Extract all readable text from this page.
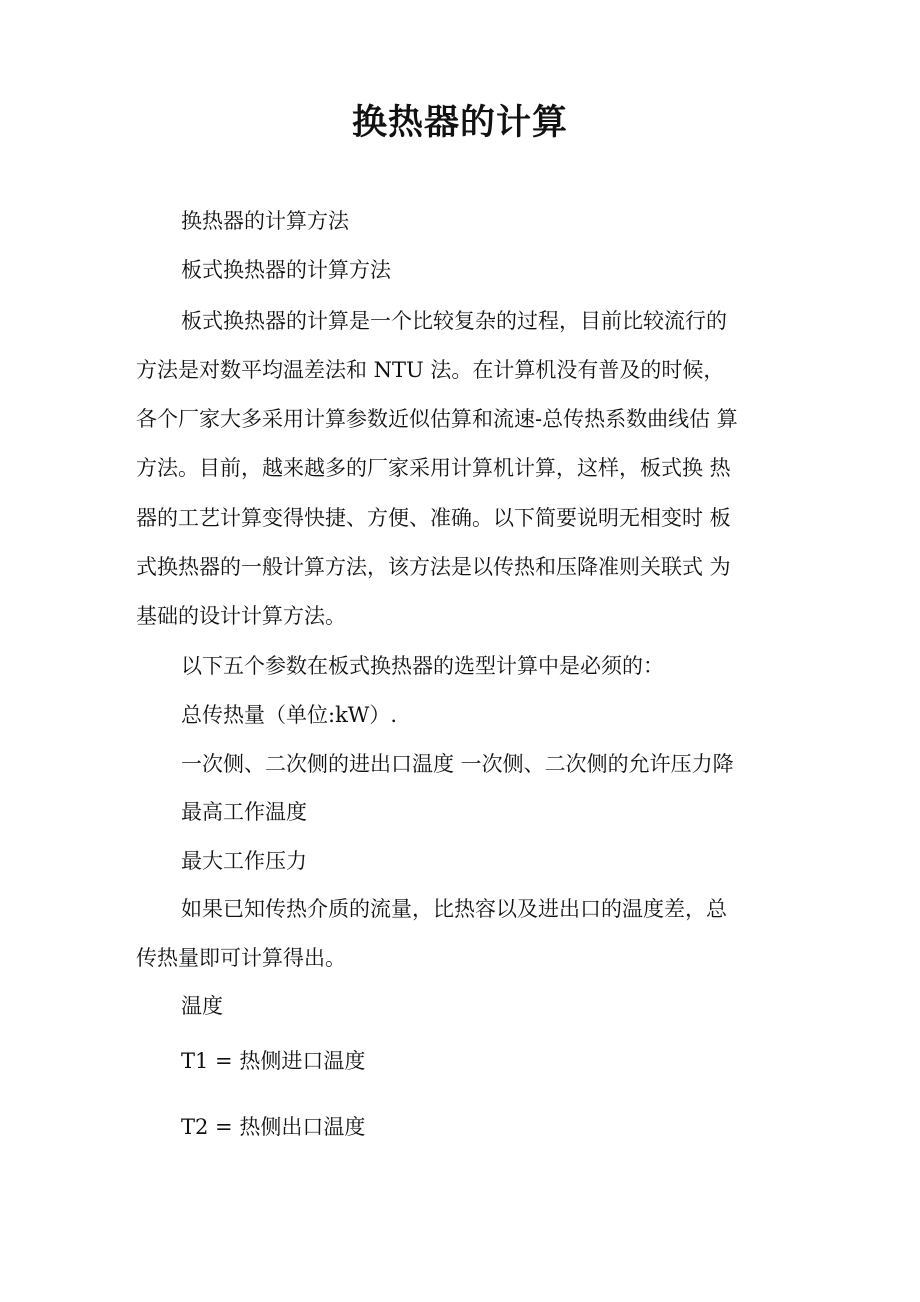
换热器的计算

换热器的计算方法

板式换热器的计算方法

板式换热器的计算是一个比较复杂的过程，目前比较流行的

方法是对数平均温差法和 NTU 法。在计算机没有普及的时候，

各个厂家大多采用计算参数近似估算和流速-总传热系数曲线估 算

方法。目前，越来越多的厂家采用计算机计算，这样，板式换 热

器的工艺计算变得快捷、方便、准确。以下简要说明无相变时 板

式换热器的一般计算方法，该方法是以传热和压降准则关联式 为

基础的设计计算方法。

以下五个参数在板式换热器的选型计算中是必须的：

总传热量（单位:kW）.

一次侧、二次侧的进出口温度 一次侧、二次侧的允许压力降

最高工作温度

最大工作压力

如果已知传热介质的流量，比热容以及进出口的温度差，总

传热量即可计算得出。

温度

T1 = 热侧进口温度

T2 = 热侧出口温度
